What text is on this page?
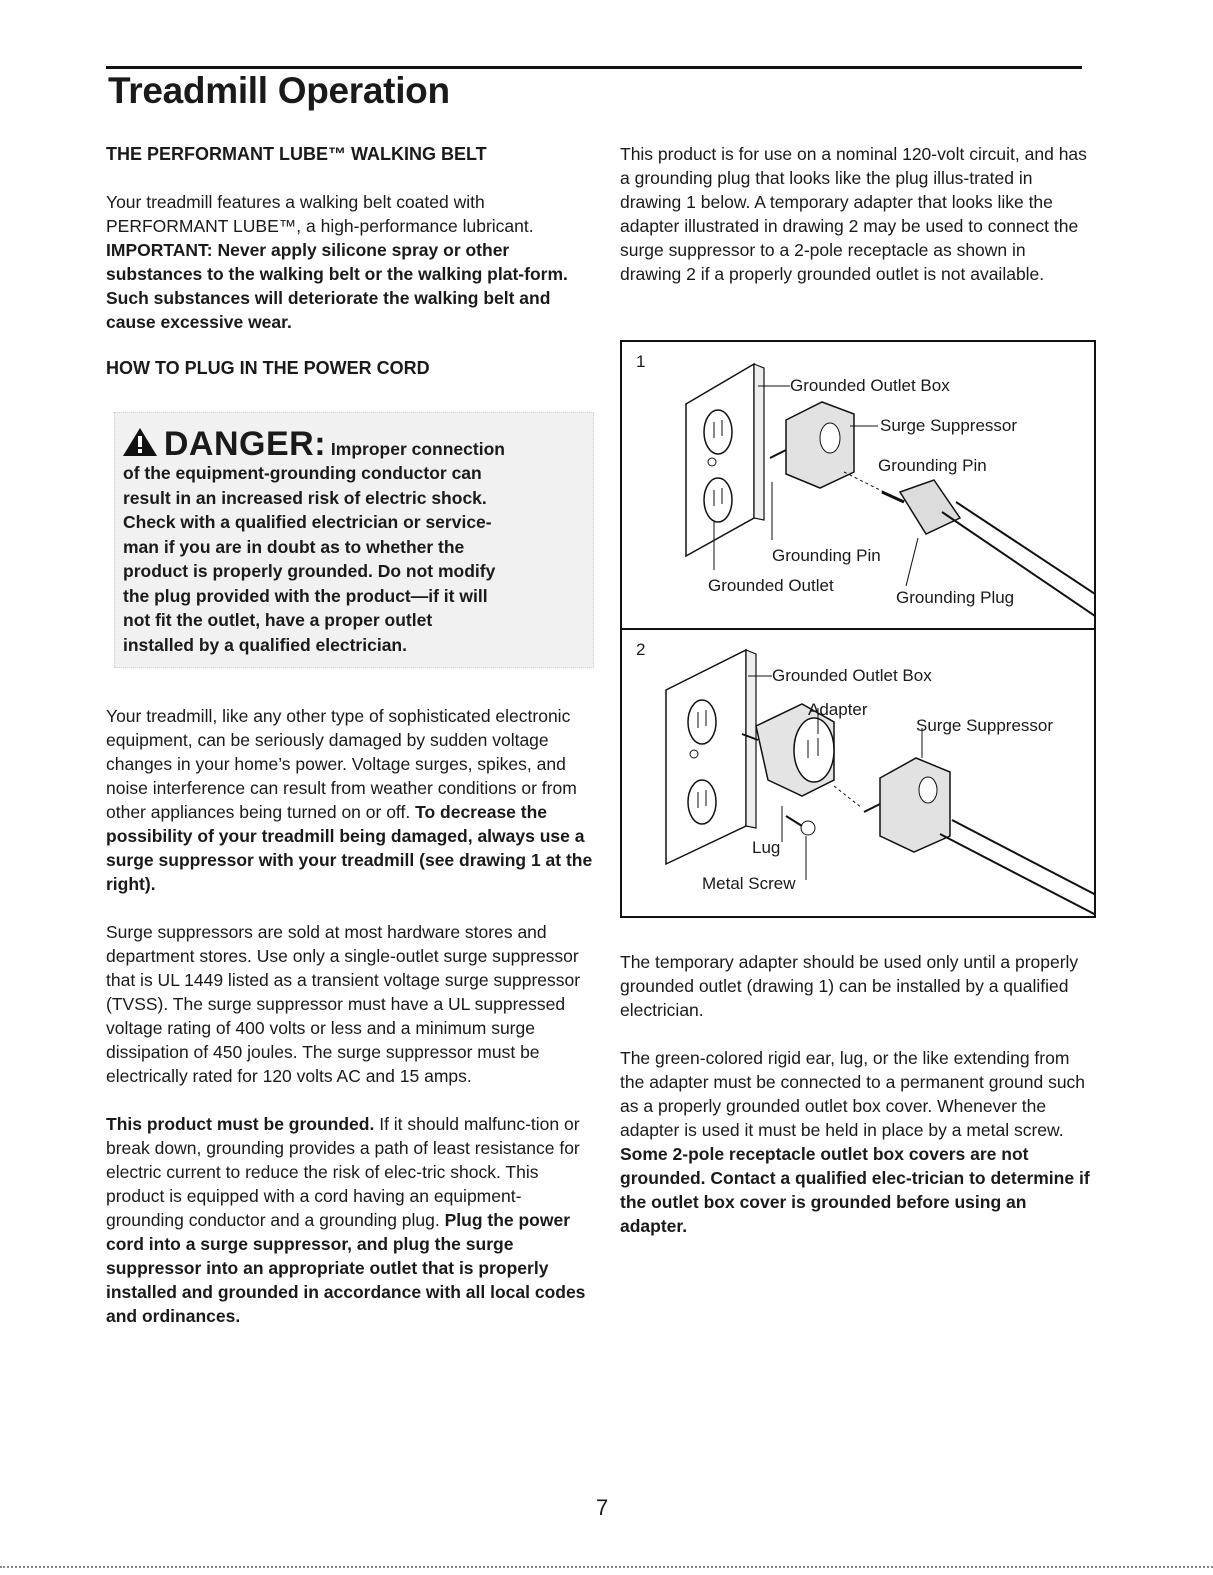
Treadmill Operation

THE PERFORMANT LUBE™ WALKING BELT

Your treadmill features a walking belt coated with PERFORMANT LUBE™, a high-performance lubricant. IMPORTANT: Never apply silicone spray or other substances to the walking belt or the walking plat-form. Such substances will deteriorate the walking belt and cause excessive wear.

HOW TO PLUG IN THE POWER CORD

DANGER: Improper connection
of the equipment-grounding conductor can
result in an increased risk of electric shock.
Check with a qualified electrician or service-
man if you are in doubt as to whether the
product is properly grounded. Do not modify
the plug provided with the product—if it will
not fit the outlet, have a proper outlet
installed by a qualified electrician.

Your treadmill, like any other type of sophisticated electronic equipment, can be seriously damaged by sudden voltage changes in your home’s power. Voltage surges, spikes, and noise interference can result from weather conditions or from other appliances being turned on or off. To decrease the possibility of your treadmill being damaged, always use a surge suppressor with your treadmill (see drawing 1 at the right).

Surge suppressors are sold at most hardware stores and department stores. Use only a single-outlet surge suppressor that is UL 1449 listed as a transient voltage surge suppressor (TVSS). The surge suppressor must have a UL suppressed voltage rating of 400 volts or less and a minimum surge dissipation of 450 joules. The surge suppressor must be electrically rated for 120 volts AC and 15 amps.

This product must be grounded. If it should malfunc-tion or break down, grounding provides a path of least resistance for electric current to reduce the risk of elec-tric shock. This product is equipped with a cord having an equipment-grounding conductor and a grounding plug. Plug the power cord into a surge suppressor, and plug the surge suppressor into an appropriate outlet that is properly installed and grounded in accordance with all local codes and ordinances.

This product is for use on a nominal 120-volt circuit, and has a grounding plug that looks like the plug illus-trated in drawing 1 below. A temporary adapter that looks like the adapter illustrated in drawing 2 may be used to connect the surge suppressor to a 2-pole receptacle as shown in drawing 2 if a properly grounded outlet is not available.

1
Grounded Outlet Box
Surge Suppressor
Grounding Pin
Grounding Pin
Grounded Outlet
Grounding Plug
2
Grounded Outlet Box
Adapter
Surge Suppressor
Lug
Metal Screw

The temporary adapter should be used only until a properly grounded outlet (drawing 1) can be installed by a qualified electrician.

The green-colored rigid ear, lug, or the like extending from the adapter must be connected to a permanent ground such as a properly grounded outlet box cover. Whenever the adapter is used it must be held in place by a metal screw. Some 2-pole receptacle outlet box covers are not grounded. Contact a qualified elec-trician to determine if the outlet box cover is grounded before using an adapter.

7
